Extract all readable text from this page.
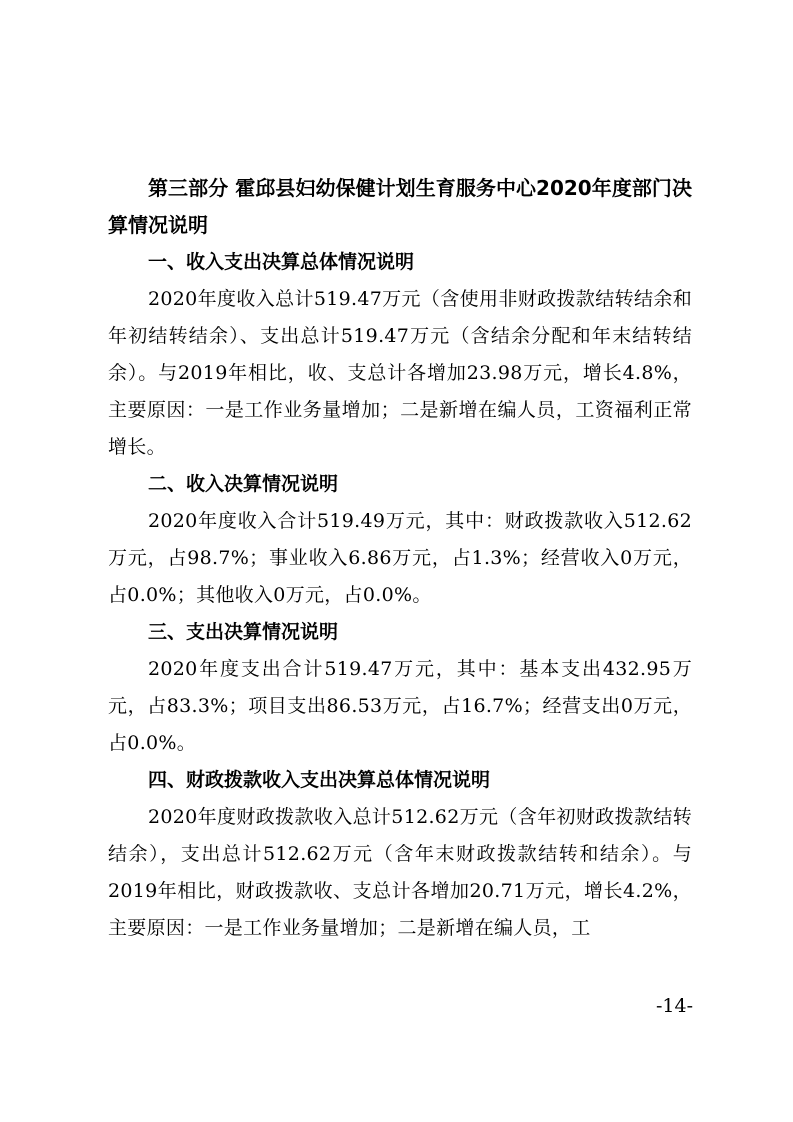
第三部分 霍邱县妇幼保健计划生育服务中心2020年度部门决算情况说明

一、收入支出决算总体情况说明

2020年度收入总计519.47万元（含使用非财政拨款结转结余和年初结转结余）、支出总计519.47万元（含结余分配和年末结转结余）。与2019年相比，收、支总计各增加23.98万元，增长4.8%，主要原因：一是工作业务量增加；二是新增在编人员，工资福利正常增长。

二、收入决算情况说明

2020年度收入合计519.49万元，其中：财政拨款收入512.62万元，占98.7%；事业收入6.86万元，占1.3%；经营收入0万元，占0.0%；其他收入0万元，占0.0%。

三、支出决算情况说明

2020年度支出合计519.47万元，其中：基本支出432.95万元，占83.3%；项目支出86.53万元，占16.7%；经营支出0万元，占0.0%。

四、财政拨款收入支出决算总体情况说明

2020年度财政拨款收入总计512.62万元（含年初财政拨款结转结余），支出总计512.62万元（含年末财政拨款结转和结余）。与2019年相比，财政拨款收、支总计各增加20.71万元，增长4.2%，主要原因：一是工作业务量增加；二是新增在编人员，工

-14-
